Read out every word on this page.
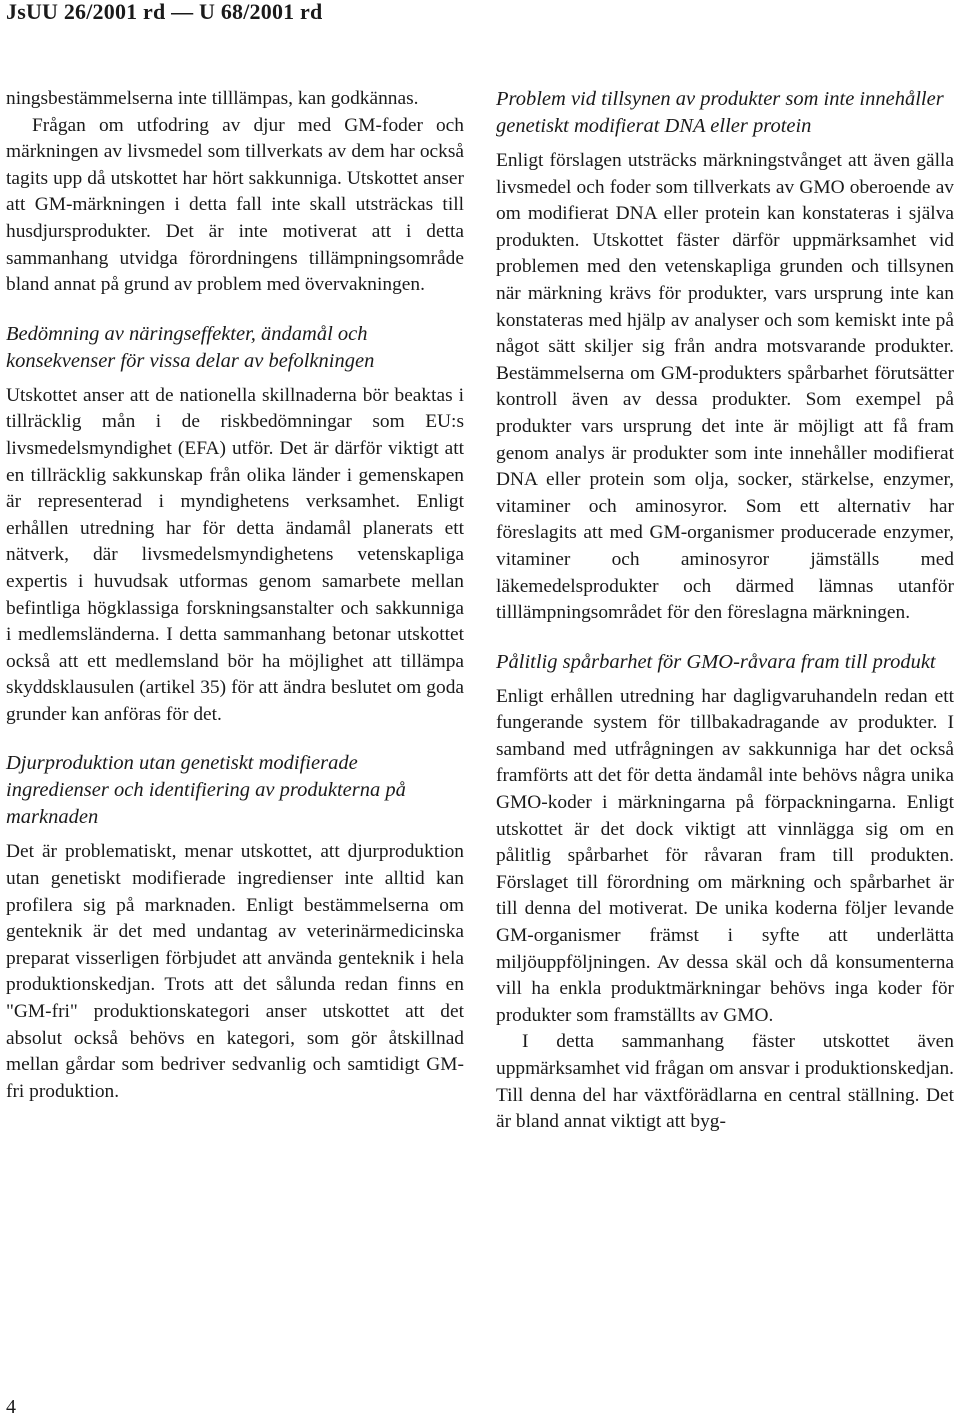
JsUU 26/2001 rd — U 68/2001 rd

ningsbestämmelserna inte tilllämpas, kan godkännas.

Frågan om utfodring av djur med GM-foder och märkningen av livsmedel som tillverkats av dem har också tagits upp då utskottet har hört sakkunniga. Utskottet anser att GM-märkningen i detta fall inte skall utsträckas till husdjursprodukter. Det är inte motiverat att i detta sammanhang utvidga förordningens tillämpningsområde bland annat på grund av problem med övervakningen.

Bedömning av näringseffekter, ändamål och konsekvenser för vissa delar av befolkningen

Utskottet anser att de nationella skillnaderna bör beaktas i tillräcklig mån i de riskbedömningar som EU:s livsmedelsmyndighet (EFA) utför. Det är därför viktigt att en tillräcklig sakkunskap från olika länder i gemenskapen är representerad i myndighetens verksamhet. Enligt erhållen utredning har för detta ändamål planerats ett nätverk, där livsmedelsmyndighetens vetenskapliga expertis i huvudsak utformas genom samarbete mellan befintliga högklassiga forskningsanstalter och sakkunniga i medlemsländerna. I detta sammanhang betonar utskottet också att ett medlemsland bör ha möjlighet att tillämpa skyddsklausulen (artikel 35) för att ändra beslutet om goda grunder kan anföras för det.

Djurproduktion utan genetiskt modifierade ingredienser och identifiering av produkterna på marknaden

Det är problematiskt, menar utskottet, att djurproduktion utan genetiskt modifierade ingredienser inte alltid kan profilera sig på marknaden. Enligt bestämmelserna om genteknik är det med undantag av veterinärmedicinska preparat visserligen förbjudet att använda genteknik i hela produktionskedjan. Trots att det sålunda redan finns en "GM-fri" produktionskategori anser utskottet att det absolut också behövs en kategori, som gör åtskillnad mellan gårdar som bedriver sedvanlig och samtidigt GM-fri produktion.

Problem vid tillsynen av produkter som inte innehåller genetiskt modifierat DNA eller protein

Enligt förslagen utsträcks märkningstvånget att även gälla livsmedel och foder som tillverkats av GMO oberoende av om modifierat DNA eller protein kan konstateras i själva produkten. Utskottet fäster därför uppmärksamhet vid problemen med den vetenskapliga grunden och tillsynen när märkning krävs för produkter, vars ursprung inte kan konstateras med hjälp av analyser och som kemiskt inte på något sätt skiljer sig från andra motsvarande produkter. Bestämmelserna om GM-produkters spårbarhet förutsätter kontroll även av dessa produkter. Som exempel på produkter vars ursprung det inte är möjligt att få fram genom analys är produkter som inte innehåller modifierat DNA eller protein som olja, socker, stärkelse, enzymer, vitaminer och aminosyror. Som ett alternativ har föreslagits att med GM-organismer producerade enzymer, vitaminer och aminosyror jämställs med läkemedelsprodukter och därmed lämnas utanför tilllämpningsområdet för den föreslagna märkningen.

Pålitlig spårbarhet för GMO-råvara fram till produkt

Enligt erhållen utredning har dagligvaruhandeln redan ett fungerande system för tillbakadragande av produkter. I samband med utfrågningen av sakkunniga har det också framförts att det för detta ändamål inte behövs några unika GMO-koder i märkningarna på förpackningarna. Enligt utskottet är det dock viktigt att vinnlägga sig om en pålitlig spårbarhet för råvaran fram till produkten. Förslaget till förordning om märkning och spårbarhet är till denna del motiverat. De unika koderna följer levande GM-organismer främst i syfte att underlätta miljöuppföljningen. Av dessa skäl och då konsumenterna vill ha enkla produktmärkningar behövs inga koder för produkter som framställts av GMO.

I detta sammanhang fäster utskottet även uppmärksamhet vid frågan om ansvar i produktionskedjan. Till denna del har växtförädlarna en central ställning. Det är bland annat viktigt att byg-

4
